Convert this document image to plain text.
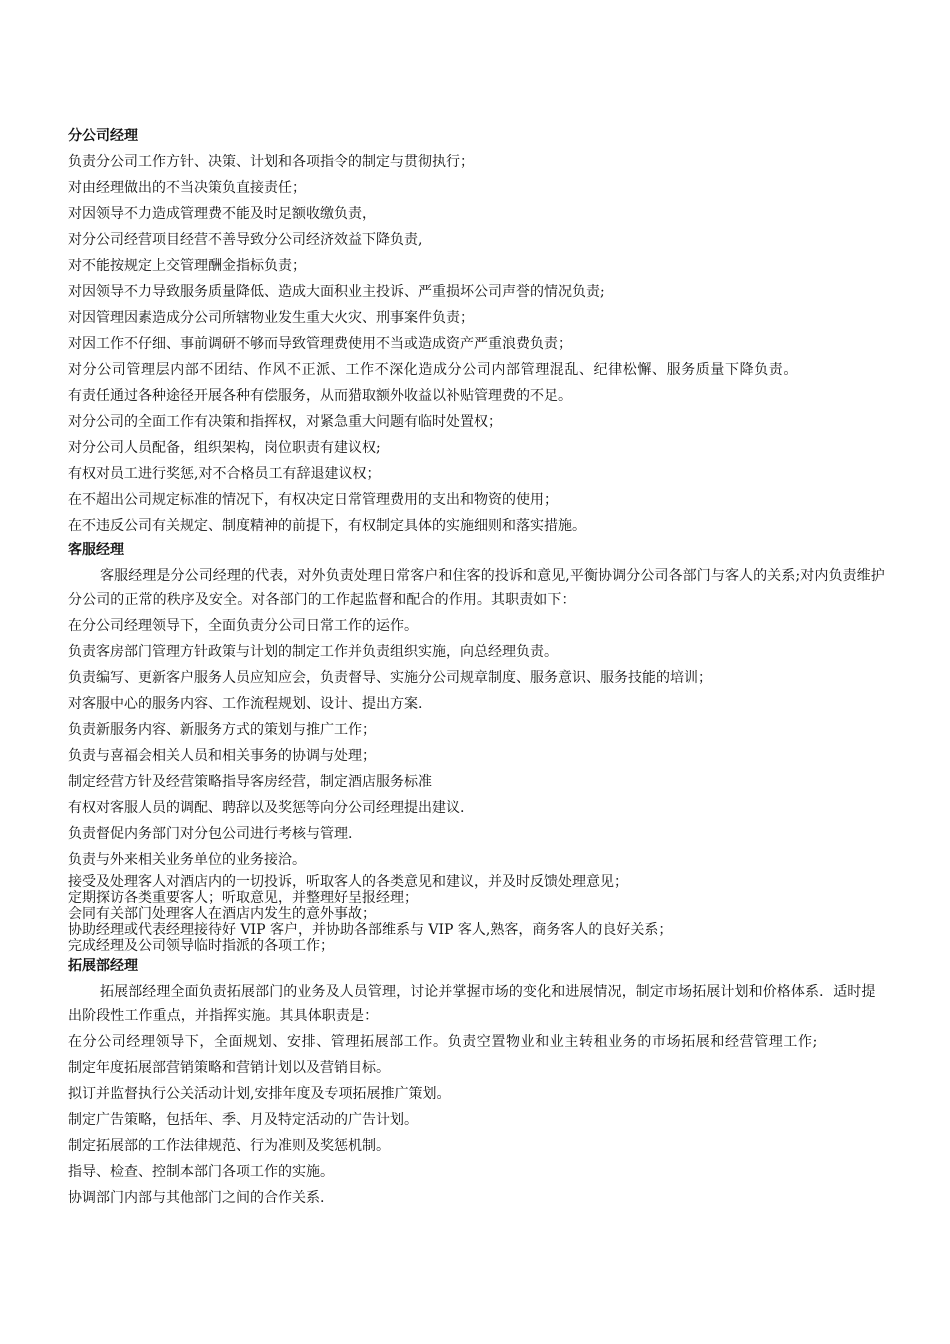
分公司经理
负责分公司工作方针、决策、计划和各项指令的制定与贯彻执行；
对由经理做出的不当决策负直接责任；
对因领导不力造成管理费不能及时足额收缴负责，
对分公司经营项目经营不善导致分公司经济效益下降负责,
对不能按规定上交管理酬金指标负责；
对因领导不力导致服务质量降低、造成大面积业主投诉、严重损坏公司声誉的情况负责;
对因管理因素造成分公司所辖物业发生重大火灾、刑事案件负责；
对因工作不仔细、事前调研不够而导致管理费使用不当或造成资产严重浪费负责；
对分公司管理层内部不团结、作风不正派、工作不深化造成分公司内部管理混乱、纪律松懈、服务质量下降负责。
有责任通过各种途径开展各种有偿服务，从而猎取额外收益以补贴管理费的不足。
对分公司的全面工作有决策和指挥权，对紧急重大问题有临时处置权；
对分公司人员配备，组织架构，岗位职责有建议权;
有权对员工进行奖惩,对不合格员工有辞退建议权；
在不超出公司规定标准的情况下，有权决定日常管理费用的支出和物资的使用；
在不违反公司有关规定、制度精神的前提下，有权制定具体的实施细则和落实措施。
客服经理
客服经理是分公司经理的代表，对外负责处理日常客户和住客的投诉和意见,平衡协调分公司各部门与客人的关系;对内负责维护分公司的正常的秩序及安全。对各部门的工作起监督和配合的作用。其职责如下：
在分公司经理领导下，全面负责分公司日常工作的运作。
负责客房部门管理方针政策与计划的制定工作并负责组织实施，向总经理负责。
负责编写、更新客户服务人员应知应会，负责督导、实施分公司规章制度、服务意识、服务技能的培训；
对客服中心的服务内容、工作流程规划、设计、提出方案.
负责新服务内容、新服务方式的策划与推广工作；
负责与喜福会相关人员和相关事务的协调与处理；
制定经营方针及经营策略指导客房经营，制定酒店服务标准
有权对客服人员的调配、聘辞以及奖惩等向分公司经理提出建议.
负责督促内务部门对分包公司进行考核与管理.
负责与外来相关业务单位的业务接洽。
接受及处理客人对酒店内的一切投诉，听取客人的各类意见和建议，并及时反馈处理意见；
定期探访各类重要客人；听取意见，并整理好呈报经理；
会同有关部门处理客人在酒店内发生的意外事故；
协助经理或代表经理接待好 VIP 客户，并协助各部维系与 VIP 客人,熟客，商务客人的良好关系；
完成经理及公司领导临时指派的各项工作；
拓展部经理
拓展部经理全面负责拓展部门的业务及人员管理，讨论并掌握市场的变化和进展情况，制定市场拓展计划和价格体系．适时提出阶段性工作重点，并指挥实施。其具体职责是：
在分公司经理领导下，全面规划、安排、管理拓展部工作。负责空置物业和业主转租业务的市场拓展和经营管理工作;
制定年度拓展部营销策略和营销计划以及营销目标。
拟订并监督执行公关活动计划,安排年度及专项拓展推广策划。
制定广告策略，包括年、季、月及特定活动的广告计划。
制定拓展部的工作法律规范、行为准则及奖惩机制。
指导、检查、控制本部门各项工作的实施。
协调部门内部与其他部门之间的合作关系.
